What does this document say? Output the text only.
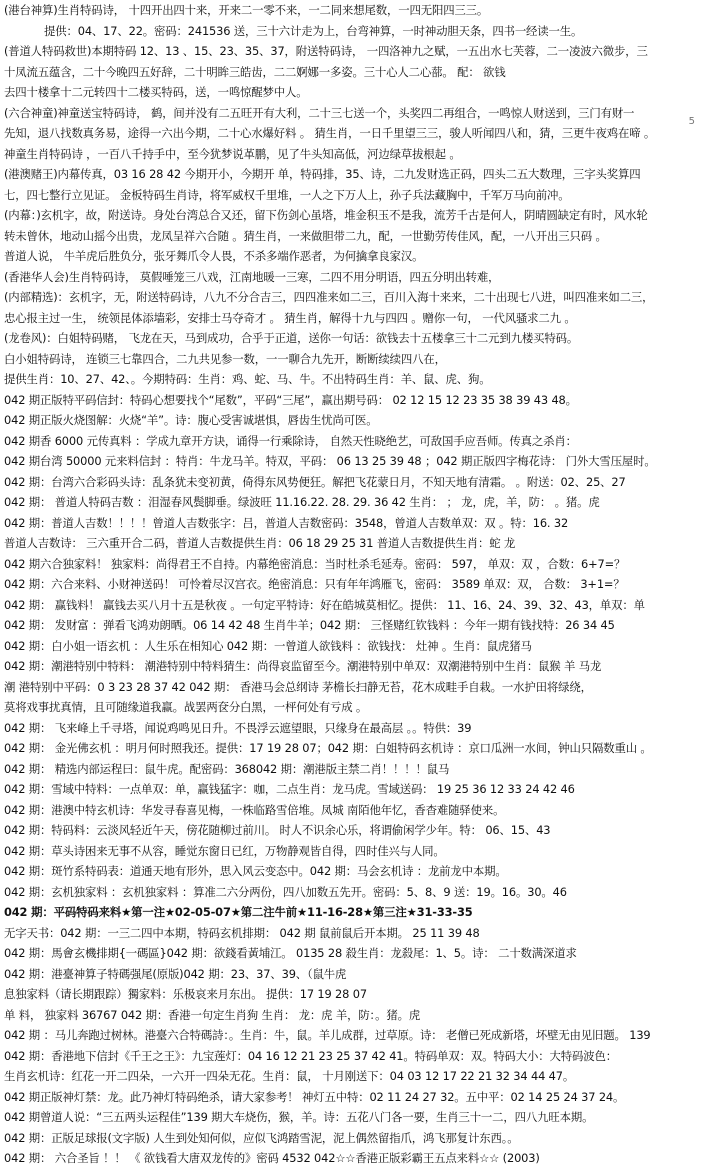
(港台神算)生肖特码诗， 十四开出四十来，开来二一零不来，一二同来想尾数，一四无阳四三三。
提供：04、17、22。密码：241536 送，三十六计走为上，台弯神算，一时神动胆天条，四书一经读一生。
(普道人特码救世)本期特码 12、13 、15、23、35、37，附送特码诗， 一四洛神九之赋，一五出水七芙蓉，二一凌波六微步，三
十凤流五蕴含，二十今晚四五好辞，二十明眸三皓齿，二二婀娜一多姿。三十心人二心蔀。 配： 欲钱
去四十楼拿十二元转四十二楼买特码，送，一鸣惊醒梦中人。
(六合神童)神童送宝特码诗， 鹤，间并没有二五旺开有大利，二十三七送一个，头奖四二再组合，一鸣惊人财送到，三门有财一
先知，退八找数真务易，途得一六出今期，二十心水爆好料 。 猜生肖，一日千里望三三，骏人听闻四八和，猜，三更牛夜鸡在啼 。
神童生肖特码诗 ，一百八千持手中，至今犹梦说革鹏，见了牛头知高低，河边绿草拔根起 。
(港澳赌王)内幕传真，03 16 28 42 今期开小，今期开 单，特码排，35、诗，二九发财选正码，四头二五大数理，三字头奖算四
七，四七整行立见证。 金板特码生肖诗，将军威权千里堆，一人之下万人上，孙子兵法藏胸中，千军万马向前冲。
(内幕：)玄机字，故，附送诗。身处台湾总合又还，留下伤剑心虽塔，堆金积玉不是我，流芳千古是何人，阴晴圆缺定有时，风水轮
转未曾休，地动山摇今出贵，龙凤呈祥六合随 。猜生肖，一来做胆带二九，配，一世勤劳传佳风，配，一八开出三只码 。
普道人说， 牛羊虎后胜负分，张牙舞爪令人畏，不杀多端作恶者，为何擒拿良家汉。
(香港华人会)生肖特码诗， 莫假唾笼三八戏，江南地暖一三寒，二四不用分明语，四五分明出转难，
(内部精选)：玄机字，无，附送特码诗，八九不分合吉三，四四准来如二三，百川入海十来来，二十出现七八进，叫四准来如二三，
忠心报主过一生， 统领昆体添墙彩，安排士马夺奇才 。 猜生肖，解得十九与四四 。赠你一句， 一代风骚求二九 。
(龙卷风)：白姐特码赌， 飞龙在天，马到成功，合乎于正道，送你一句话：欲钱去十五楼拿三十二元到九楼买特码。
白小姐特码诗， 连锁三七靠四合，二九共见参一数，一一聊合九先开，断断续续四八在，
提供生肖：10、27、42、。今期特码：生肖：鸡、蛇、马、牛。不出特码生肖：羊、鼠、虎、狗。
042 期正版特平码信封：特码心想要找个“尾数”，平码“三尾”，赢出期号码： 02 12 15 12 23 35 38 39 43 48。
042 期正版火烧图解：火烧“羊”。诗：腹心受害诚堪惧，唇齿生忧尚可医。
042 期香 6000 元传真料 ：学成九章开方诀，诵得一行乘除诗， 自然天性晓绝艺，可敌国手应吾师。传真之杀肖：
042 期台湾 50000 元来料信封 ：特肖：牛龙马羊。特双，平码： 06 13 25 39 48 ；042 期正版四字梅花诗： 门外大雪压屋时。
042 期：台湾六合彩码头诗：乱条犹未变初黄，倚得东风势便狂。解把飞花蒙日月，不知天地有清霜。 。附送：02、25、27
042 期： 普道人特码吉数 ：泪湿春风鬓脚垂。绿波旺 11.16.22. 28. 29. 36 42 生肖： ； 龙，虎，羊，防： 。猪。虎
042 期：普道人吉数！！！！曾道人吉数张字：吕，普道人吉数密码：3548，曾道人吉数单双：双 。特：16. 32
普道人吉数诗： 三六重开合二码，普道人吉数提供生肖：06 18 29 25 31 普道人吉数提供生肖：蛇 龙
042 期六合独家料！ 独家料：尚得君王不自持。内幕绝密消息：当时杜杀毛延寿。密码： 597， 单双：双 ，合数：6+7=？
042 期：六合来料、小财神送码！ 可怜着尽汉宫衣。绝密消息：只有年年鸿雁飞，密码： 3589 单双：双， 合数： 3+1=？
042 期： 赢钱料！ 赢钱去买八月十五是秋夜 。一句定平特诗：好在皓城莫相忆。提供： 11、16、24、39、32、43，单双：单
042 期： 发财富 ：弹看飞鸿劝朗晒。06 14 42 48 生肖牛羊；042 期： 三怪赌红钦钱料 ：今年一期有钱找特：26 34 45
042 期：白小姐一语玄机 ：人生乐在相知心 042 期：一曾道人欲钱料 ：欲钱找： 灶神 。生肖：鼠虎猪马
042 期：潮港特别中特料： 潮港特别中特料猜生：尚得哀监留至今。潮港特别中单双：双潮港特别中生肖：鼠猴 羊 马龙
潮 港特别中平码：0 3 23 28 37 42 042 期： 香港马会总纲诗 茅檐长扫静无苔，花木成畦手自栽。一水护田将绿绕，
莫将戏事扰真情，且可随缘道我赢。战罢两奁分白黑，一枰何处有亏成 。
042 期： 飞来峰上千寻塔，闻说鸡鸣见日升。不畏浮云遮望眼，只缘身在最高层 。。特供：39
042 期： 金光佛玄机 ：明月何时照我还。提供：17 19 28 07；042 期：白姐特码玄机诗 ：京口瓜洲一水间，钟山只隔数重山 。
042 期： 精选内部运程曰：鼠牛虎。配密码：368042 期：潮港版主禁二肖！！！！鼠马
042 期：雪域中特料：一点单双：单，赢钱猛字：咖，二点生肖：龙马虎。雪域送码： 19 25 36 12 33 24 42 46
042 期：港澳中特玄机诗：华发寻春喜见梅，一株临路雪倍堆。凤城 南陌他年忆，香杳难随驿使来。
042 期：特码料：云淡风轻近午天，傍花随柳过前川。 时人不识余心乐，将谓偷闲学少年。特： 06、15、43
042 期：草头诗困来无事不从容，睡觉东窗日已红，万物静观皆自得，四时佳兴与人同。
042 期：斑竹系特码表：道通天地有形外，思入风云变态中。042 期：马会玄机诗 ：龙前龙中本期。
042 期：玄机独家料 ：玄机独家料 ：算准二六分两份，四八加数五先开。密码：5、8、9 送：19。16。30。46
042 期：平码特码来料★第一注★02-05-07★第二注牛前★11-16-28★第三注★31-33-35
无字天书：042 期：一三二四中本期，特码玄机排期： 042 期 鼠前鼠后开本期。 25 11 39 48
042 期：馬會玄機排期{一碼區}042 期：欲錢看黃埔江。 0135 28 殺生肖：龙殺尾：1、5。诗： 二十数满深道求
042 期：港臺神算子特碼强尾(原版)042 期：23、37、39、（鼠牛虎
息独家料（请长期跟踪）獨家料：乐极哀来月东出。 提供：17 19 28 07
单 料， 独家料 36767 042 期：香港一句定生肖狗 生肖： 龙：虎 羊，防：。猪。虎
042 期 ：马儿奔跑过树林。港臺六合特碼詩：。生肖：牛，鼠。羊儿成群，过草原。诗： 老僧已死成新塔，坏壁无由见旧题。 139
042 期：香港地下信封《千王之王》：九宝莲灯：04 16 12 21 23 25 37 42 41。特码单双：双。特码大小：大特码波色：
生肖玄机诗：红花一开二四朵，一六开一四朵无花。生肖：鼠， 十月刚送下：04 03 12 17 22 21 32 34 44 47。
042 期正版神灯禁：龙。此乃神灯特码绝杀，请大家参考！ 神灯五中特：02 11 24 27 32。五中平：02 14 25 24 37 24。
042 期曾道人说：“三五两头运程佳”139 期大车烧伤，猴，羊。诗：五花八门各一要，生肖三十一二，四八九旺本期。
042 期：正版足球报(文字版) 人生到处知何似，应似飞鸿踏雪泥，泥上偶然留指爪，鸿飞那复计东西。。
042 期： 六合圣旨 ！！ 《 欲钱看大唐双龙传的》密码 4532 042☆☆香港正版彩霸王五点来料☆☆ (2003)
5
